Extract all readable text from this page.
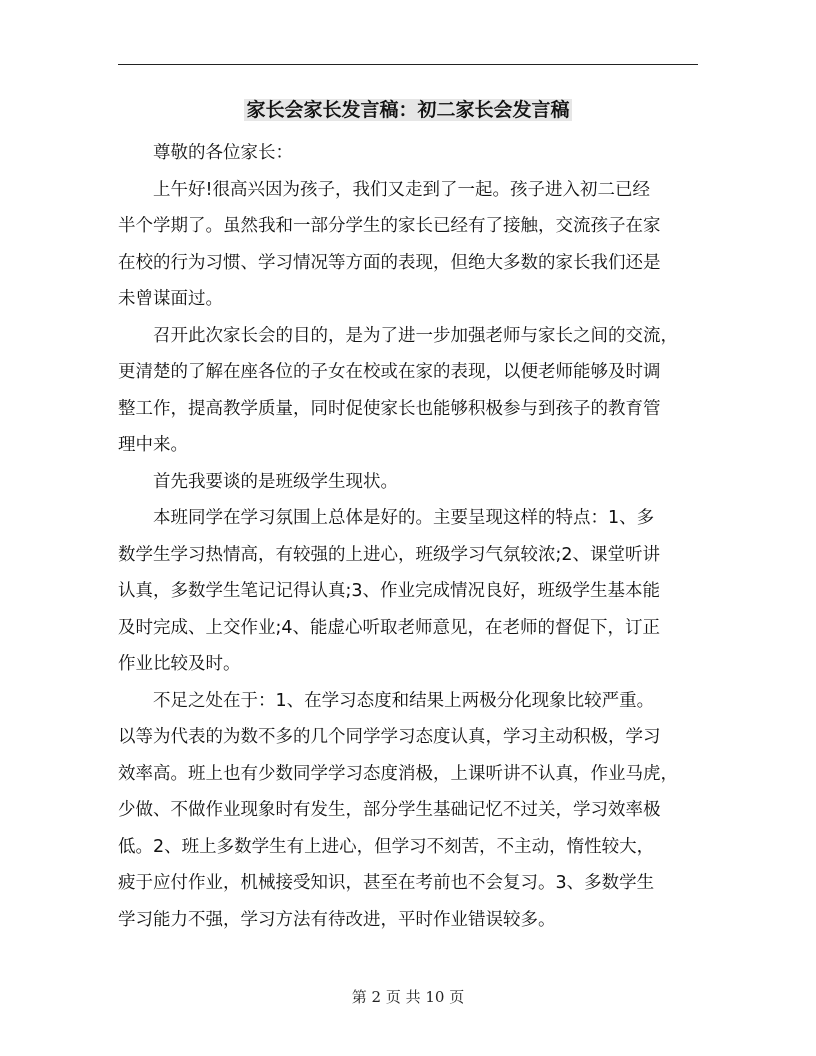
家长会家长发言稿：初二家长会发言稿

尊敬的各位家长：

上午好!很高兴因为孩子，我们又走到了一起。孩子进入初二已经
半个学期了。虽然我和一部分学生的家长已经有了接触，交流孩子在家
在校的行为习惯、学习情况等方面的表现，但绝大多数的家长我们还是
未曾谋面过。

召开此次家长会的目的，是为了进一步加强老师与家长之间的交流，
更清楚的了解在座各位的子女在校或在家的表现，以便老师能够及时调
整工作，提高教学质量，同时促使家长也能够积极参与到孩子的教育管
理中来。

首先我要谈的是班级学生现状。

本班同学在学习氛围上总体是好的。主要呈现这样的特点：1、多
数学生学习热情高，有较强的上进心，班级学习气氛较浓;2、课堂听讲
认真，多数学生笔记记得认真;3、作业完成情况良好，班级学生基本能
及时完成、上交作业;4、能虚心听取老师意见，在老师的督促下，订正
作业比较及时。

不足之处在于：1、在学习态度和结果上两极分化现象比较严重。
以等为代表的为数不多的几个同学学习态度认真，学习主动积极，学习
效率高。班上也有少数同学学习态度消极，上课听讲不认真，作业马虎，
少做、不做作业现象时有发生，部分学生基础记忆不过关，学习效率极
低。2、班上多数学生有上进心，但学习不刻苦，不主动，惰性较大，
疲于应付作业，机械接受知识，甚至在考前也不会复习。3、多数学生
学习能力不强，学习方法有待改进，平时作业错误较多。

第 2 页 共 10 页
